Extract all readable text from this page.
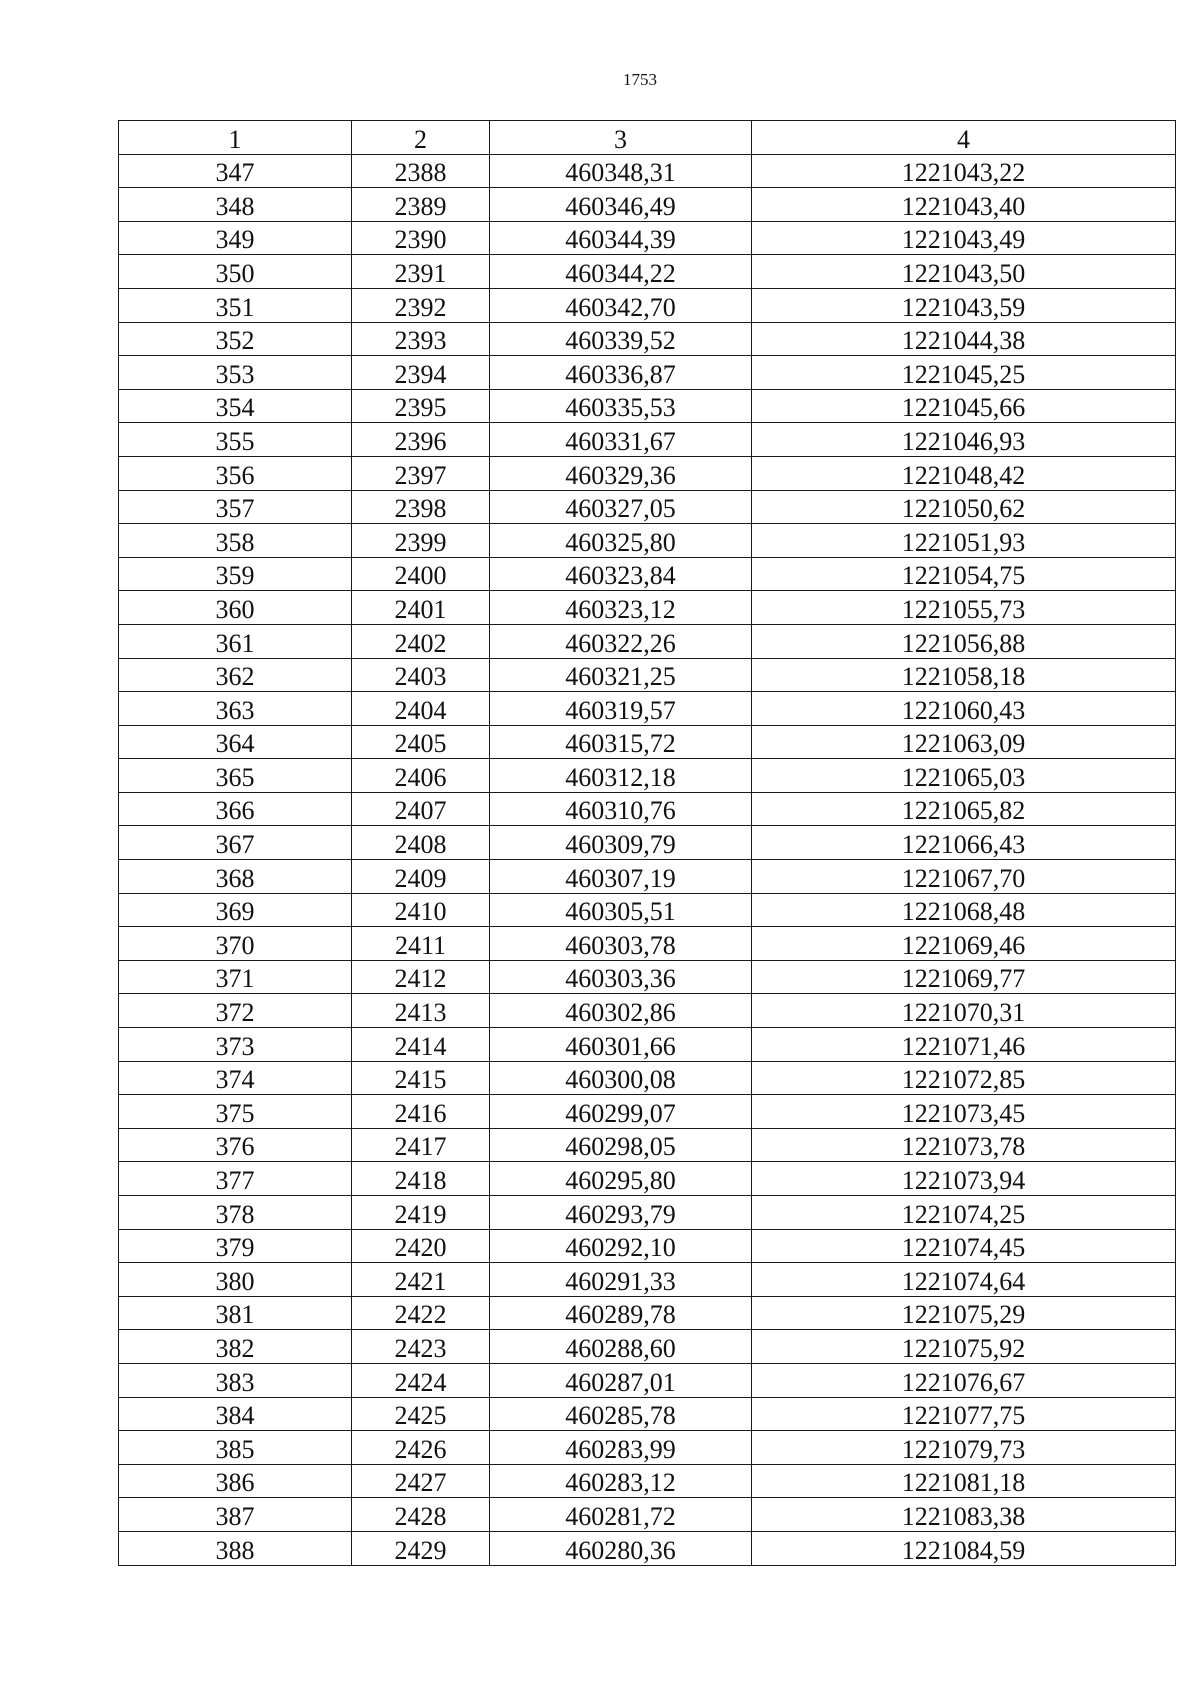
1753
1	2	3	4
347	2388	460348,31	1221043,22
348	2389	460346,49	1221043,40
349	2390	460344,39	1221043,49
350	2391	460344,22	1221043,50
351	2392	460342,70	1221043,59
352	2393	460339,52	1221044,38
353	2394	460336,87	1221045,25
354	2395	460335,53	1221045,66
355	2396	460331,67	1221046,93
356	2397	460329,36	1221048,42
357	2398	460327,05	1221050,62
358	2399	460325,80	1221051,93
359	2400	460323,84	1221054,75
360	2401	460323,12	1221055,73
361	2402	460322,26	1221056,88
362	2403	460321,25	1221058,18
363	2404	460319,57	1221060,43
364	2405	460315,72	1221063,09
365	2406	460312,18	1221065,03
366	2407	460310,76	1221065,82
367	2408	460309,79	1221066,43
368	2409	460307,19	1221067,70
369	2410	460305,51	1221068,48
370	2411	460303,78	1221069,46
371	2412	460303,36	1221069,77
372	2413	460302,86	1221070,31
373	2414	460301,66	1221071,46
374	2415	460300,08	1221072,85
375	2416	460299,07	1221073,45
376	2417	460298,05	1221073,78
377	2418	460295,80	1221073,94
378	2419	460293,79	1221074,25
379	2420	460292,10	1221074,45
380	2421	460291,33	1221074,64
381	2422	460289,78	1221075,29
382	2423	460288,60	1221075,92
383	2424	460287,01	1221076,67
384	2425	460285,78	1221077,75
385	2426	460283,99	1221079,73
386	2427	460283,12	1221081,18
387	2428	460281,72	1221083,38
388	2429	460280,36	1221084,59
